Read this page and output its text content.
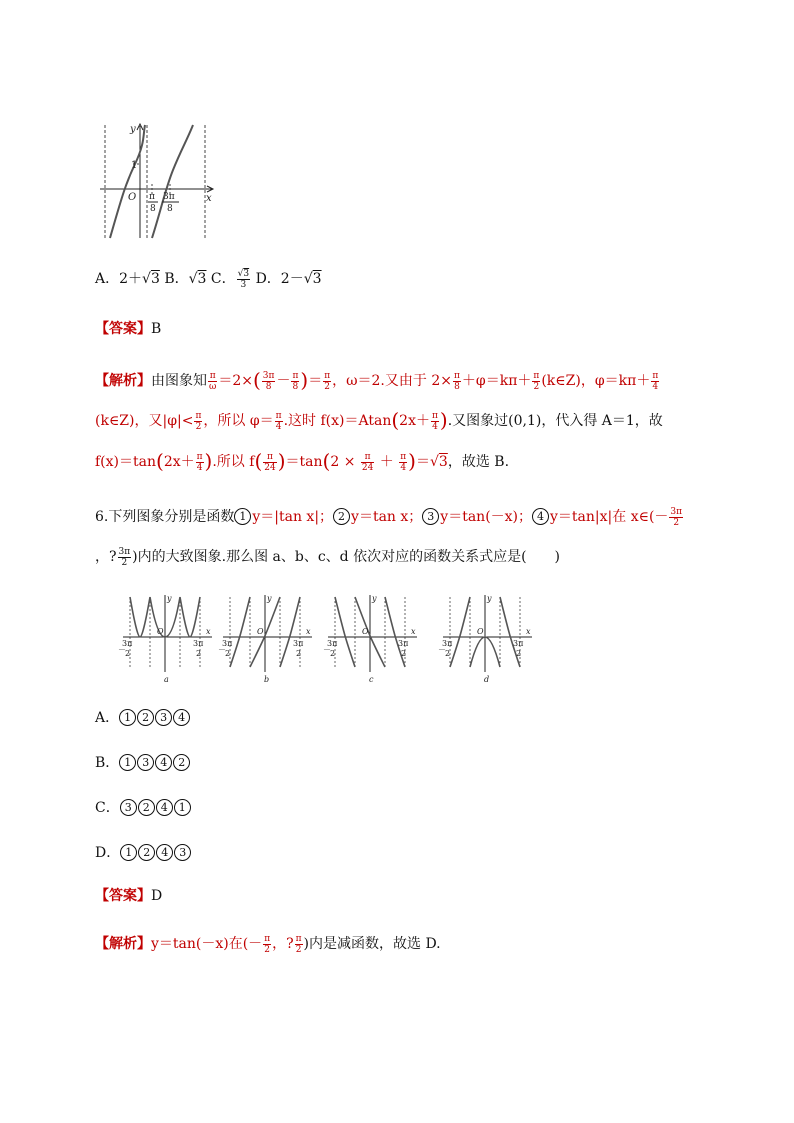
y
x
1
O π
8
3π
8
A．2＋√3 B．√3 C． $\frac{√3}{3}$ D．2－√3
【答案】B
【解析】由图象知 $\frac{\pi}{\omega} =2\times( \frac{3\pi}{8} - \frac{\pi}{8}$ )＝ $\frac{\pi}{2}$ ，ω＝2.又由于 $2\times \frac{\pi}{8} +\varphi=k\pi+ \frac{\pi}{2}$ (k∈Z)，$\varphi=k\pi+ \frac{\pi}{4}$
(k∈Z)，又$|\varphi|< \frac{\pi}{2}$ ，所以 $\varphi= \frac{\pi}{4}$ .这时 $f(x)=Atan(2x+ \frac{\pi}{4}$ ).又图象过(0,1)，代入得 A＝1，故
$f(x)=\tan(2x+ \frac{\pi}{4}$ ).所以 $f( \frac{\pi}{24} )=\tan(2 \times \frac{\pi}{24} + \frac{\pi}{4} )=√3$，故选 B.
6.下列图象分别是函数 1 y＝|tan x|； 2 y＝tan x； 3 y＝tan(－x)； 4 y＝tan|x|在 x∈(－ $\frac{3\pi}{2}$
，? $\frac{3\pi}{2}$ )内的大致图象.那么图 a、b、c、d 依次对应的函数关系式应是(　　)
y
x
O
3π
－ 2
3π
2
a
y
x
O
3π
－ 2
3π
2
b
y
x
O
3π
－ 2
3π
2
c
y
x
O
3π
－ 2
3π
2
d
A． 1 2 3 4
B． 1 3 4 2
C． 3 2 4 1
D． 1 2 4 3
【答案】D
【解析】y＝tan(－x)在(－ $\frac{\pi}{2}$ ，? $\frac{\pi}{2}$ )内是减函数，故选 D.
